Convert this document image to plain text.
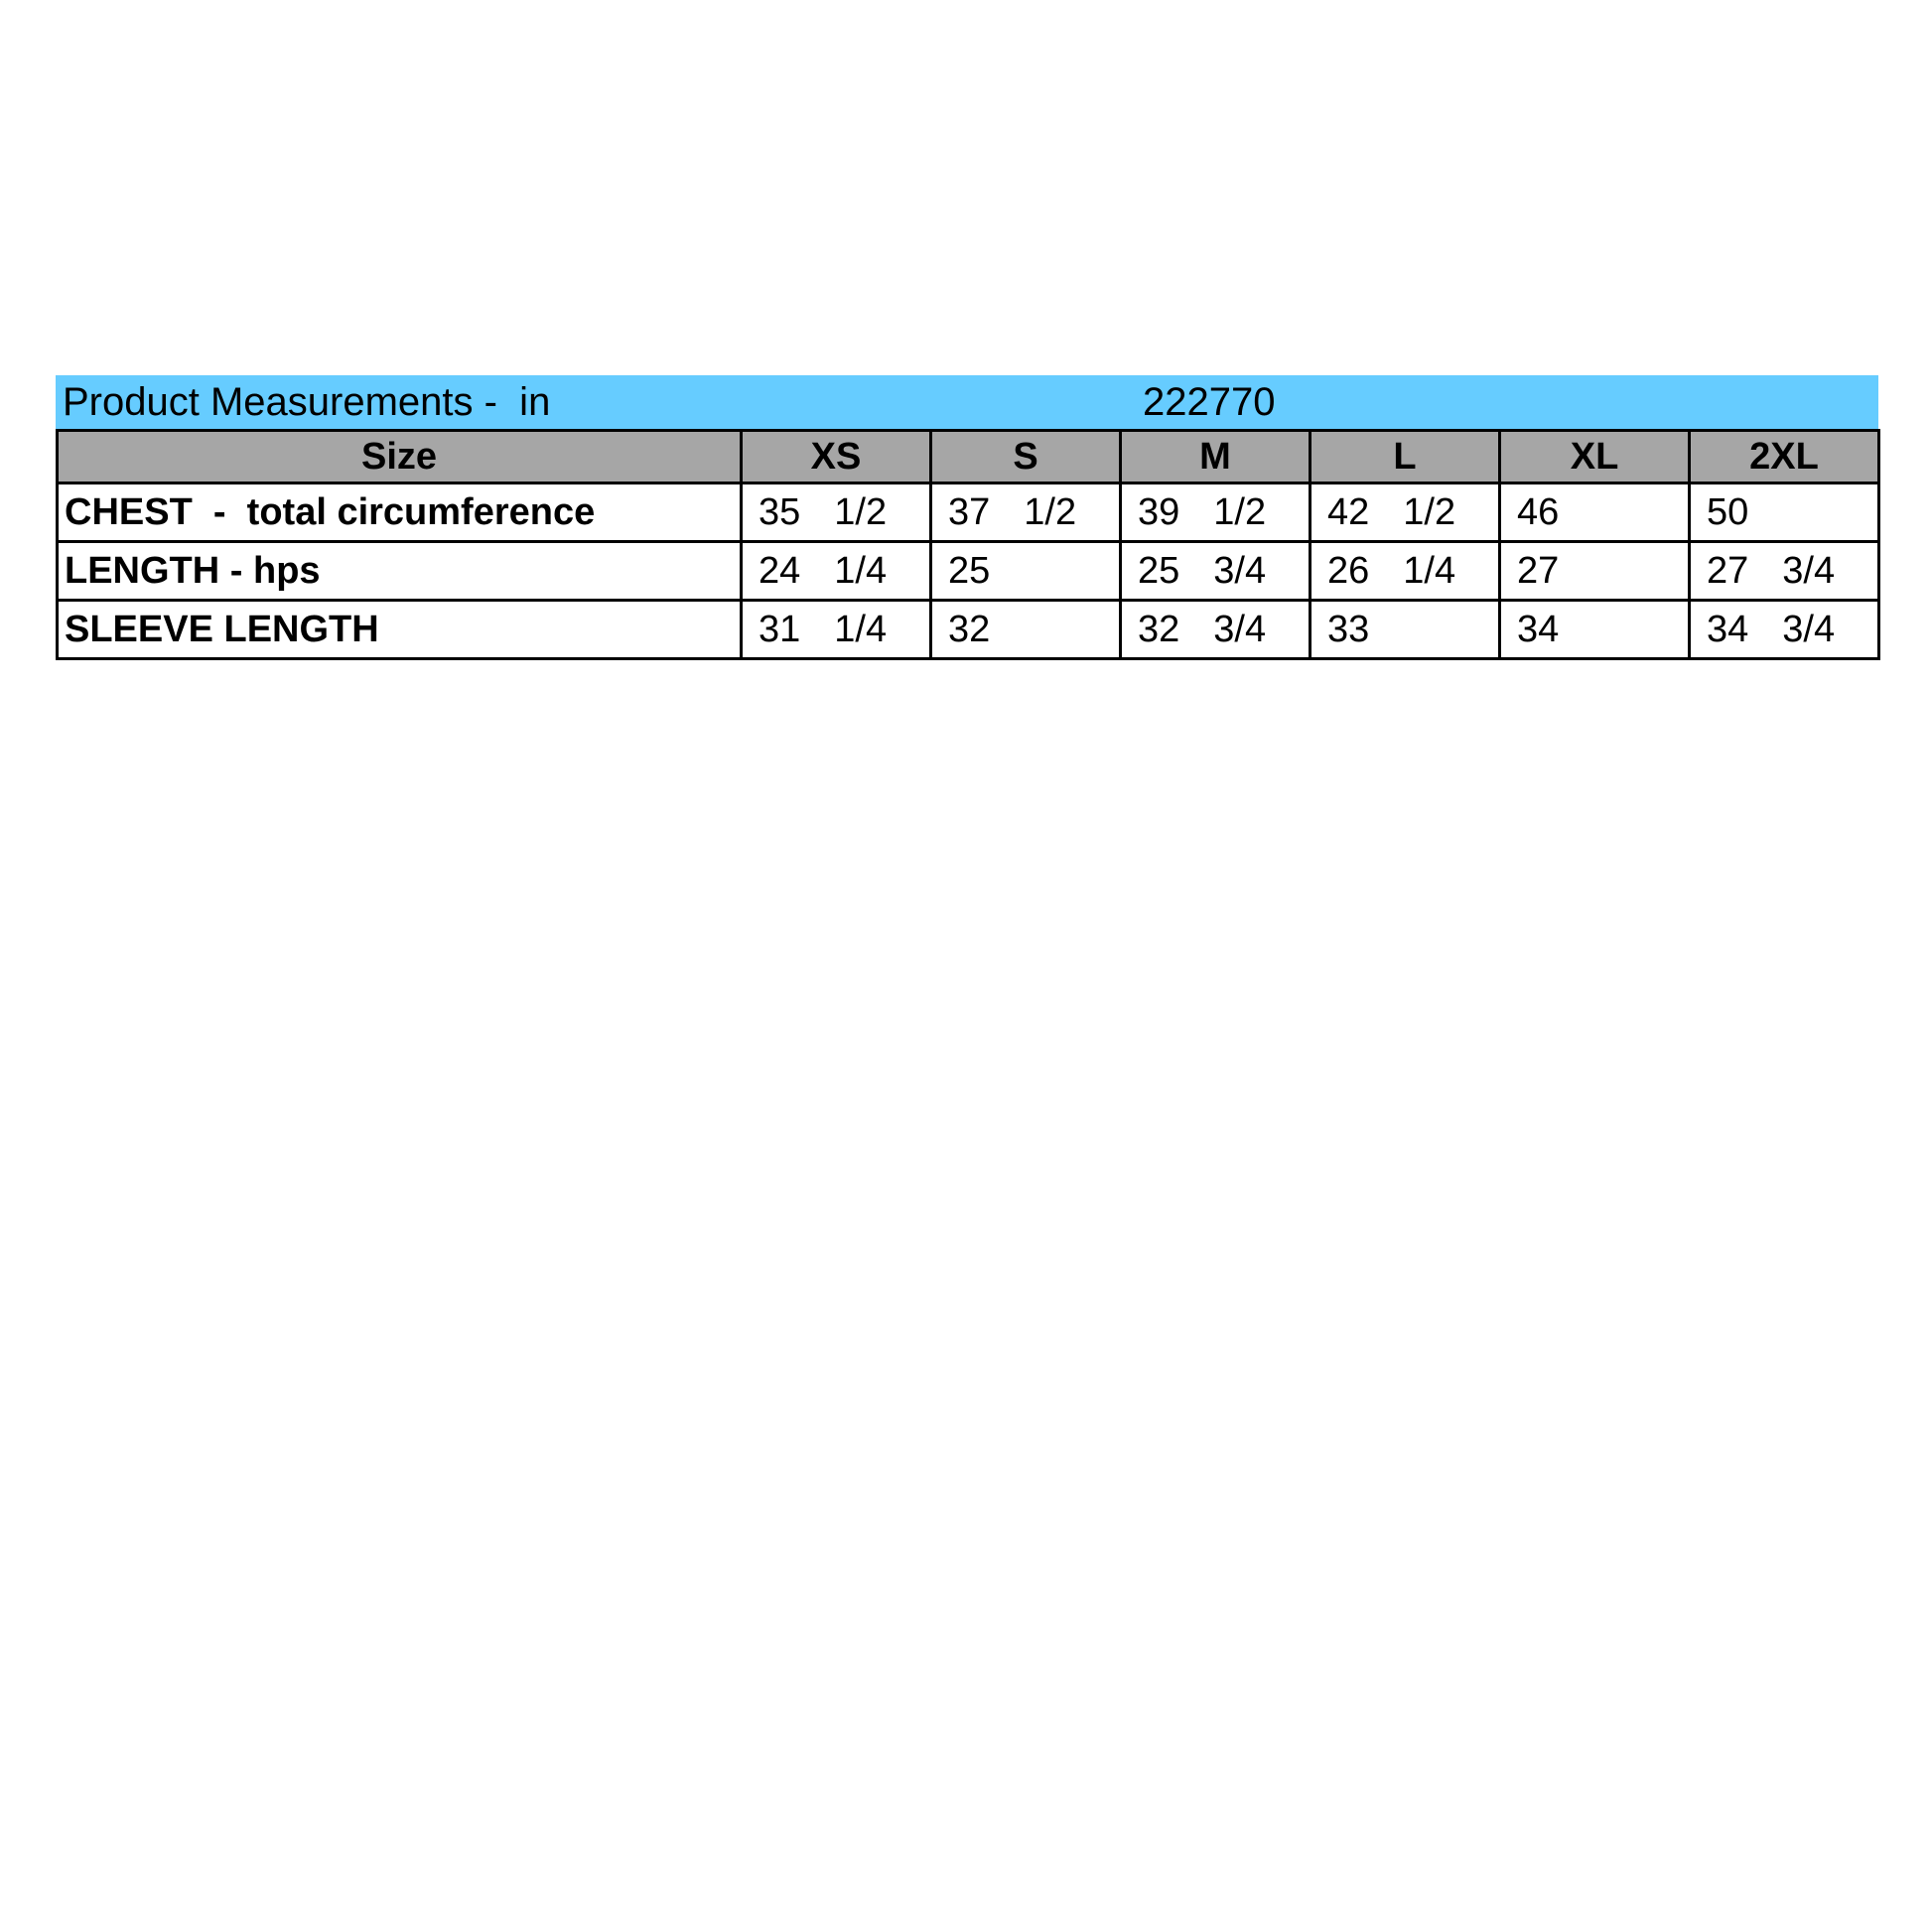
Product Measurements -  in	222770
Size	XS	S	M	L	XL	2XL
CHEST  -  total circumference	35 1/2	37 1/2	39 1/2	42 1/2	46	50
LENGTH - hps	24 1/4	25	25 3/4	26 1/4	27	27 3/4
SLEEVE LENGTH	31 1/4	32	32 3/4	33	34	34 3/4
